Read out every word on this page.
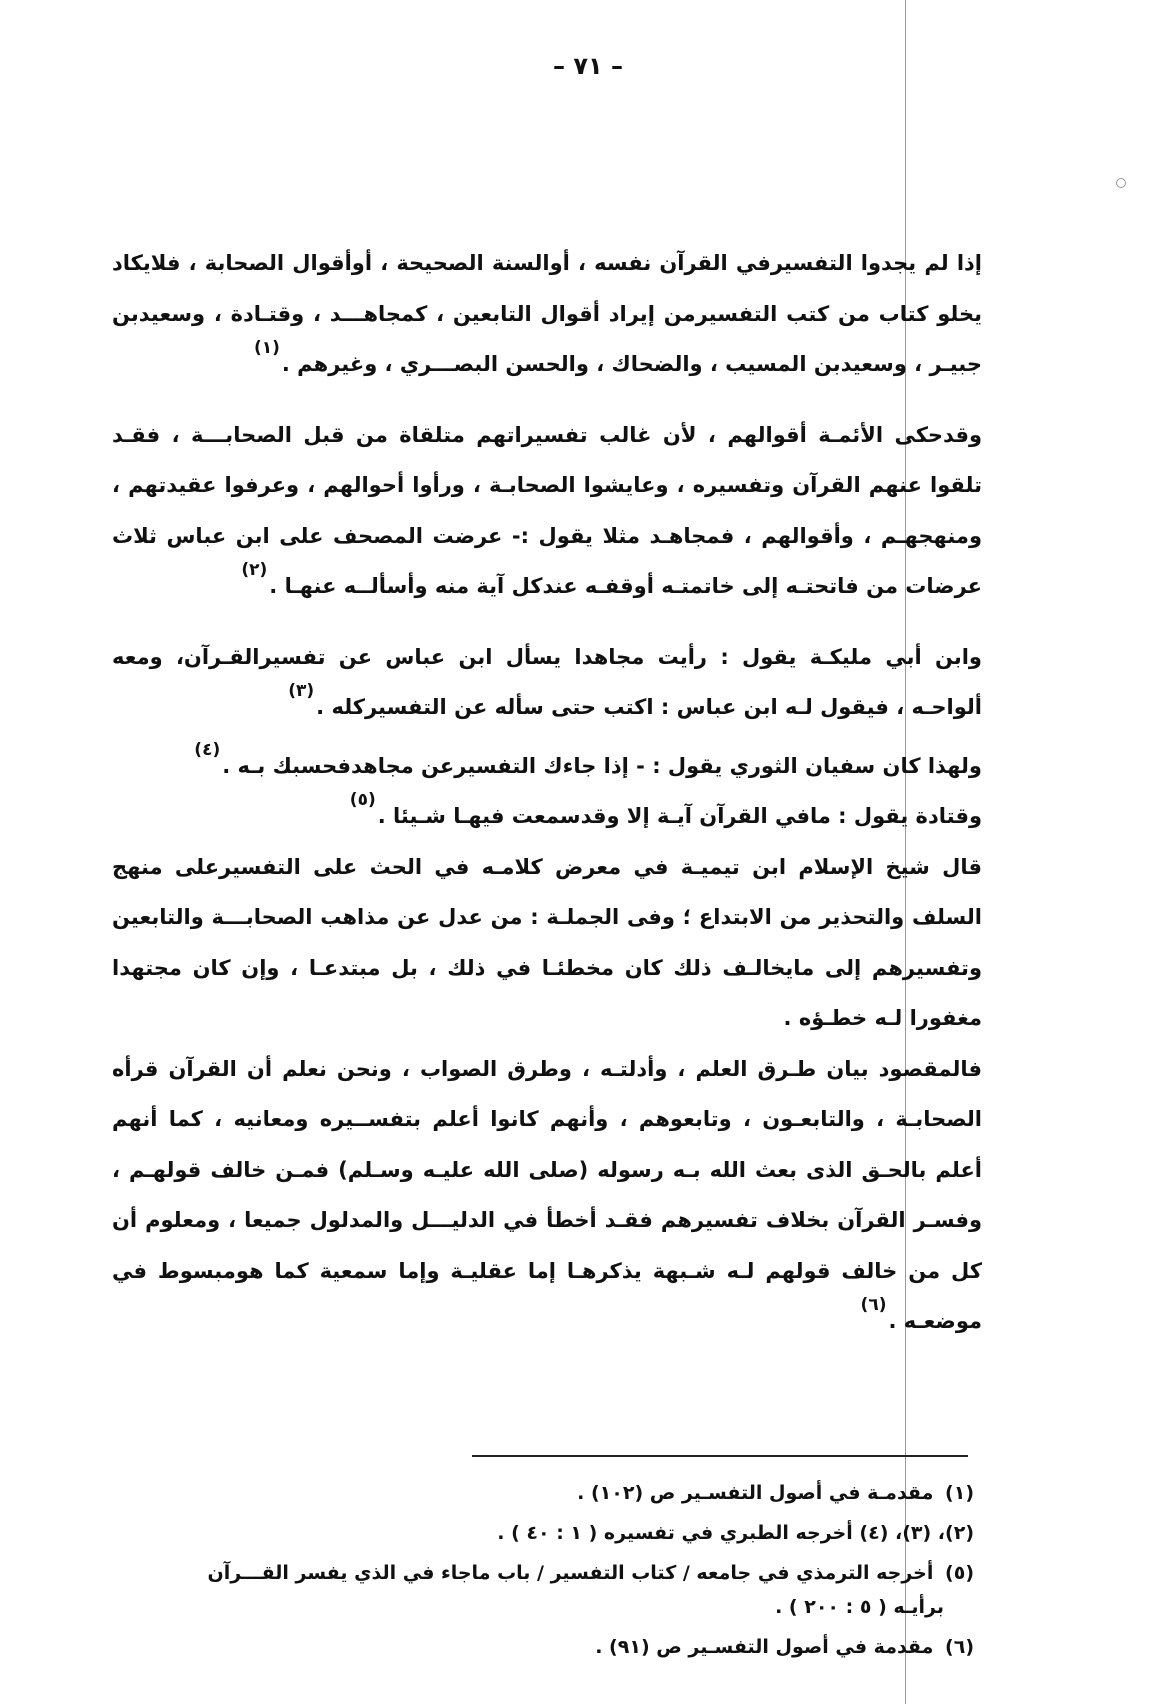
– ٧١ –

إذا لم يجدوا التفسيرفي القرآن نفسه ، أوالسنة الصحيحة ، أوأقوال الصحابة ، فلايكاد يخلو كتاب من كتب التفسيرمن إيراد أقوال التابعين ، كمجاهـــد ، وقتـادة ، وسعيدبن جبيـر ، وسعيدبن المسيب ، والضحاك ، والحسن البصـــري ، وغيرهم .$^{(١)}$

وقدحكى الأئمـة أقوالهم ، لأن غالب تفسيراتهم متلقاة من قبل الصحابـــة ، فقـد تلقوا عنهم القرآن وتفسيره ، وعايشوا الصحابـة ، ورأوا أحوالهم ، وعرفوا عقيدتهم ، ومنهجهـم ، وأقوالهم ، فمجاهـد مثلا يقول :- عرضت المصحف على ابن عباس ثلاث عرضات من فاتحتـه إلى خاتمتـه أوقفـه عندكل آية منه وأسألــه عنهـا .$^{(٢)}$

وابن أبي مليكـة يقول : رأيت مجاهدا يسأل ابن عباس عن تفسيرالقـرآن، ومعه ألواحـه ، فيقول لـه ابن عباس : اكتب حتى سأله عن التفسيركله .$^{(٣)}$

ولهذا كان سفيان الثوري يقول : - إذا جاءك التفسيرعن مجاهدفحسبك بـه .$^{(٤)}$

وقتادة يقول : مافي القرآن آيـة إلا وقدسمعت فيهـا شـيئا .$^{(٥)}$

قال شيخ الإسلام ابن تيميـة في معرض كلامـه في الحث على التفسيرعلى منهج السلف والتحذير من الابتداع ؛ وفى الجملـة : من عدل عن مذاهب الصحابـــة والتابعين وتفسيرهم إلى مايخالـف ذلك كان مخطئـا في ذلك ، بل مبتدعـا ، وإن كان مجتهدا مغفورا لـه خطـؤه .

فالمقصود بيان طـرق العلم ، وأدلتـه ، وطرق الصواب ، ونحن نعلم أن القرآن قرأه الصحابـة ، والتابعـون ، وتابعوهم ، وأنهم كانوا أعلم بتفســيره ومعانيه ، كما أنهم أعلم بالحـق الذى بعث الله بـه رسوله (صلى الله عليـه وسـلم) فمـن خالف قولهـم ، وفسـر القرآن بخلاف تفسيرهم فقـد أخطأ في الدليـــل والمدلول جميعا ، ومعلوم أن كل من خالف قولهم لـه شـبهة يذكرهـا إما عقليـة وإما سمعية كما هومبسوط في موضعـه .$^{(٦)}$

(١) مقدمـة في أصول التفسـير ص (١٠٢) .

(٢)، (٣)، (٤) أخرجه الطبري في تفسيره ( ١ : ٤٠ ) .

(٥) أخرجه الترمذي في جامعه / كتاب التفسير / باب ماجاء في الذي يفسر القـــرآن

برأيـه ( ٥ : ٢٠٠ ) .

(٦) مقدمة في أصول التفسـير ص (٩١) .
